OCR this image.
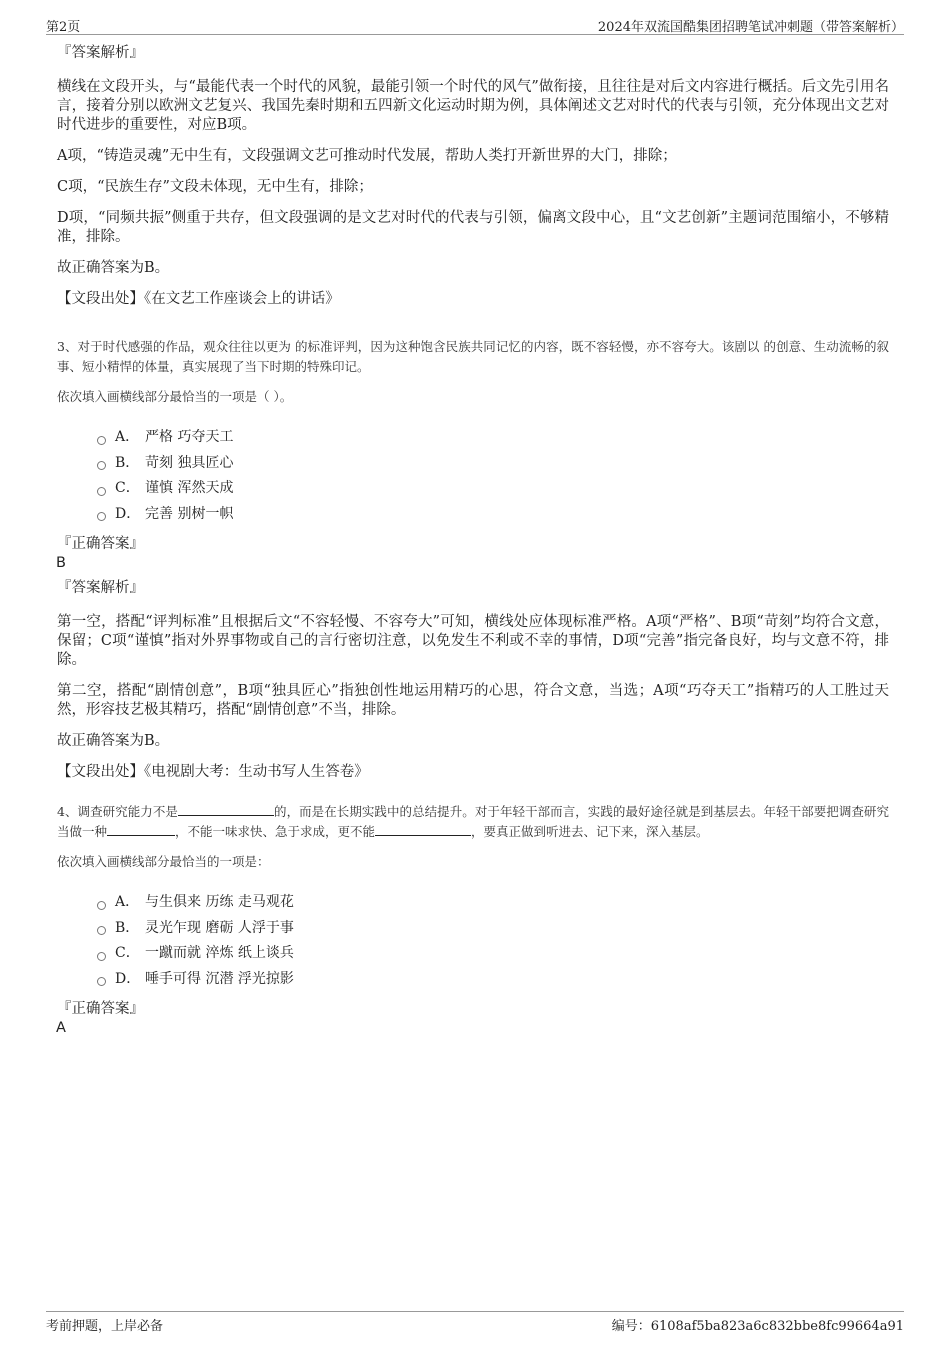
第2页	2024年双流国酷集团招聘笔试冲刺题（带答案解析）

『答案解析』

横线在文段开头，与“最能代表一个时代的风貌，最能引领一个时代的风气”做衔接，且往往是对后文内容进行概括。后文先引用名言，接着分别以欧洲文艺复兴、我国先秦时期和五四新文化运动时期为例，具体阐述文艺对时代的代表与引领，充分体现出文艺对时代进步的重要性，对应B项。

A项，“铸造灵魂”无中生有，文段强调文艺可推动时代发展，帮助人类打开新世界的大门，排除；

C项，“民族生存”文段未体现，无中生有，排除；

D项，“同频共振”侧重于共存，但文段强调的是文艺对时代的代表与引领，偏离文段中心，且“文艺创新”主题词范围缩小，不够精准，排除。

故正确答案为B。

【文段出处】《在文艺工作座谈会上的讲话》

3、对于时代感强的作品，观众往往以更为 的标准评判，因为这种饱含民族共同记忆的内容，既不容轻慢，亦不容夸大。该剧以 的创意、生动流畅的叙事、短小精悍的体量，真实展现了当下时期的特殊印记。

依次填入画横线部分最恰当的一项是（ ）。

A． 严格 巧夺天工
B． 苛刻 独具匠心
C． 谨慎 浑然天成
D． 完善 别树一帜

『正确答案』

B

『答案解析』

第一空，搭配“评判标准”且根据后文“不容轻慢、不容夸大”可知，横线处应体现标准严格。A项“严格”、B项“苛刻”均符合文意，保留；C项“谨慎”指对外界事物或自己的言行密切注意，以免发生不利或不幸的事情，D项“完善”指完备良好，均与文意不符，排除。

第二空，搭配“剧情创意”，B项“独具匠心”指独创性地运用精巧的心思，符合文意，当选；A项“巧夺天工”指精巧的人工胜过天然，形容技艺极其精巧，搭配“剧情创意”不当，排除。

故正确答案为B。

【文段出处】《电视剧大考：生动书写人生答卷》

4、调查研究能力不是	的，而是在长期实践中的总结提升。对于年轻干部而言，实践的最好途径就是到基层去。年轻干部要把调查研究当做一种	，不能一味求快、急于求成，更不能	，要真正做到听进去、记下来，深入基层。

依次填入画横线部分最恰当的一项是：

A． 与生俱来 历练 走马观花
B． 灵光乍现 磨砺 人浮于事
C． 一蹴而就 淬炼 纸上谈兵
D． 唾手可得 沉潜 浮光掠影

『正确答案』

A

考前押题，上岸必备	编号：6108af5ba823a6c832bbe8fc99664a91
